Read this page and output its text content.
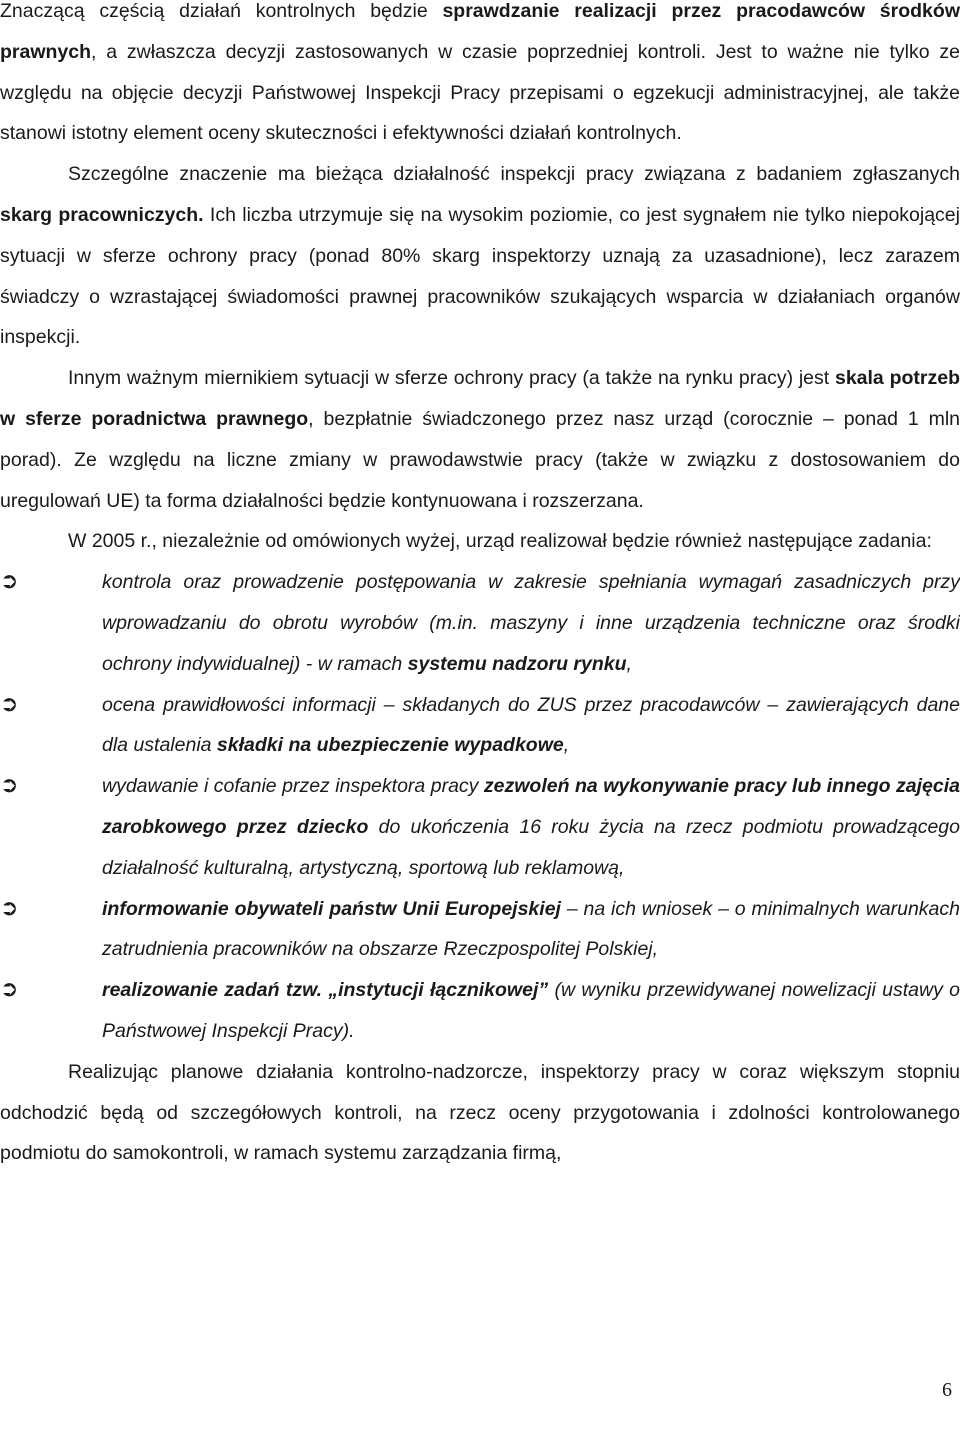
Znaczącą częścią działań kontrolnych będzie sprawdzanie realizacji przez pracodawców środków prawnych, a zwłaszcza decyzji zastosowanych w czasie poprzedniej kontroli. Jest to ważne nie tylko ze względu na objęcie decyzji Państwowej Inspekcji Pracy przepisami o egzekucji administracyjnej, ale także stanowi istotny element oceny skuteczności i efektywności działań kontrolnych.

Szczególne znaczenie ma bieżąca działalność inspekcji pracy związana z badaniem zgłaszanych skarg pracowniczych. Ich liczba utrzymuje się na wysokim poziomie, co jest sygnałem nie tylko niepokojącej sytuacji w sferze ochrony pracy (ponad 80% skarg inspektorzy uznają za uzasadnione), lecz zarazem świadczy o wzrastającej świadomości prawnej pracowników szukających wsparcia w działaniach organów inspekcji.

Innym ważnym miernikiem sytuacji w sferze ochrony pracy (a także na rynku pracy) jest skala potrzeb w sferze poradnictwa prawnego, bezpłatnie świadczonego przez nasz urząd (corocznie – ponad 1 mln porad). Ze względu na liczne zmiany w prawodawstwie pracy (także w związku z dostosowaniem do uregulowań UE) ta forma działalności będzie kontynuowana i rozszerzana.

W 2005 r., niezależnie od omówionych wyżej, urząd realizował będzie również następujące zadania:

➲	kontrola oraz prowadzenie postępowania w zakresie spełniania wymagań zasadniczych przy wprowadzaniu do obrotu wyrobów (m.in. maszyny i inne urządzenia techniczne oraz środki ochrony indywidualnej) - w ramach systemu nadzoru rynku,
➲	ocena prawidłowości informacji – składanych do ZUS przez pracodawców – zawierających dane dla ustalenia składki na ubezpieczenie wypadkowe,
➲	wydawanie i cofanie przez inspektora pracy zezwoleń na wykonywanie pracy lub innego zajęcia zarobkowego przez dziecko do ukończenia 16 roku życia na rzecz podmiotu prowadzącego działalność kulturalną, artystyczną, sportową lub reklamową,
➲	informowanie obywateli państw Unii Europejskiej – na ich wniosek – o minimalnych warunkach zatrudnienia pracowników na obszarze Rzeczpospolitej Polskiej,
➲	realizowanie zadań tzw. „instytucji łącznikowej” (w wyniku przewidywanej nowelizacji ustawy o Państwowej Inspekcji Pracy).

Realizując planowe działania kontrolno-nadzorcze, inspektorzy pracy w coraz większym stopniu odchodzić będą od szczegółowych kontroli, na rzecz oceny przygotowania i zdolności kontrolowanego podmiotu do samokontroli, w ramach systemu zarządzania firmą,

6
